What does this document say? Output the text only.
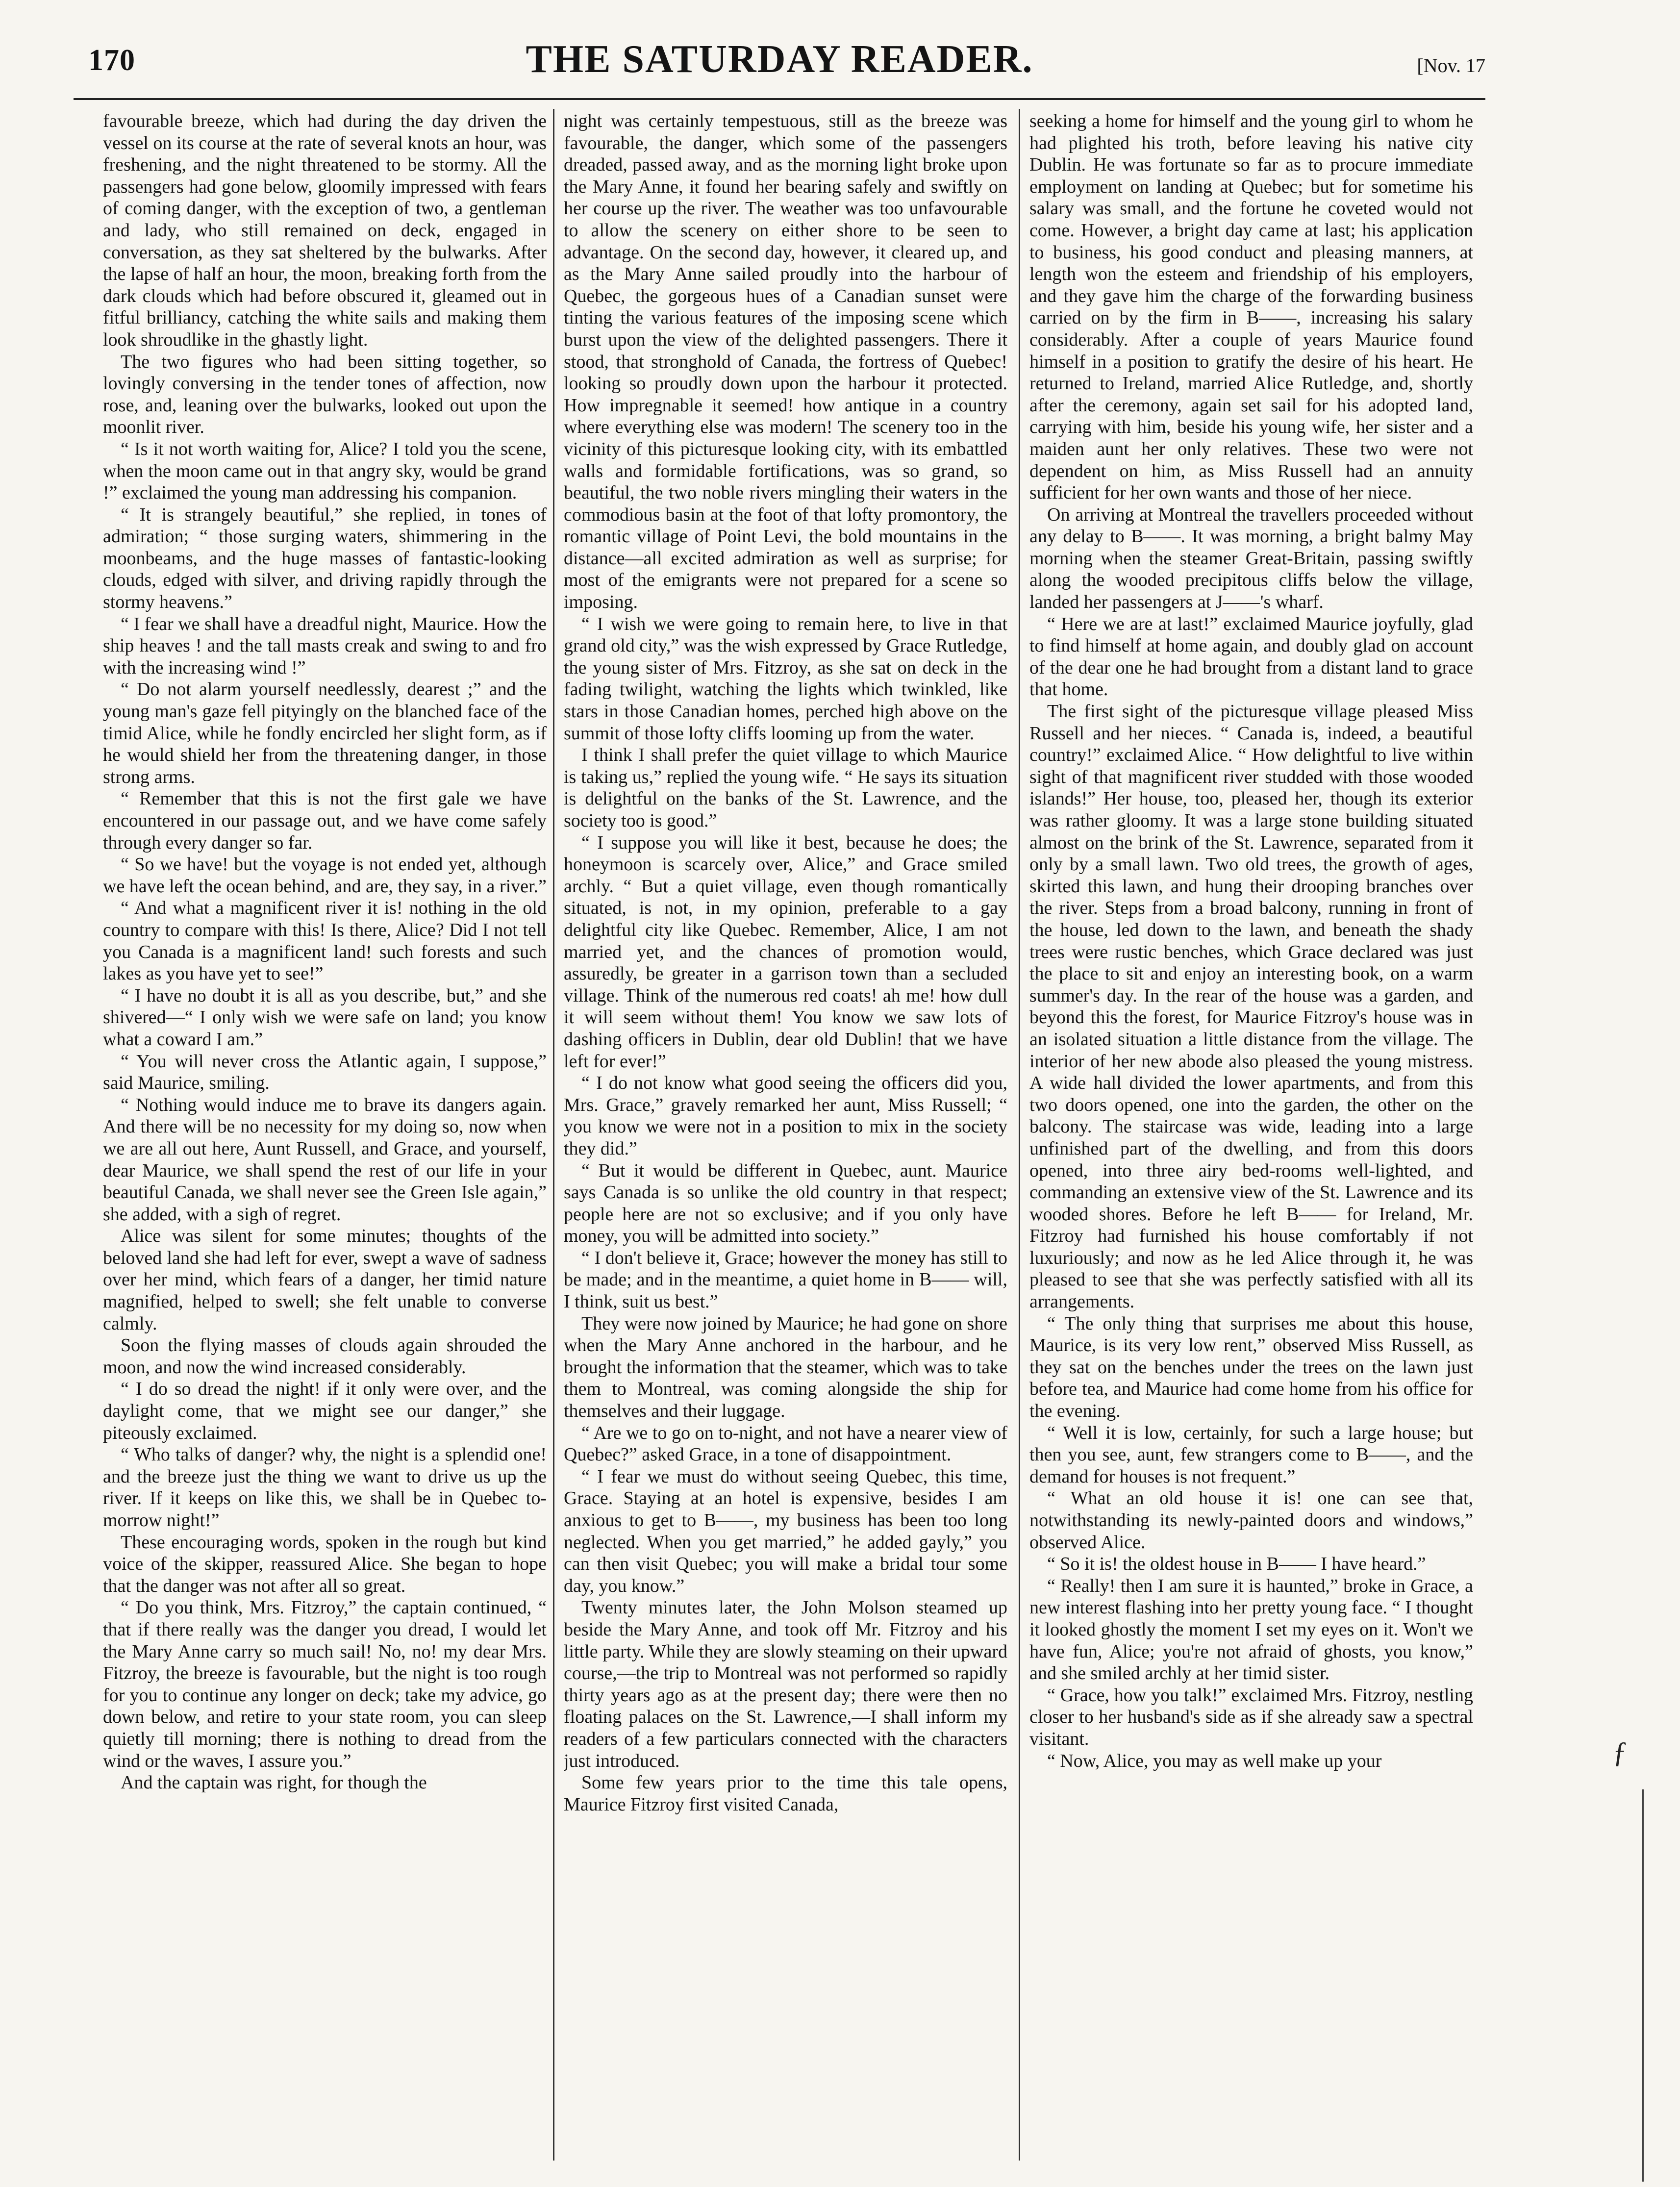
170	THE SATURDAY READER.	[Nov. 17

favourable breeze, which had during the day driven the vessel on its course at the rate of several knots an hour, was freshening, and the night threatened to be stormy. All the passengers had gone below, gloomily impressed with fears of coming danger, with the exception of two, a gentleman and lady, who still remained on deck, engaged in conversation, as they sat sheltered by the bulwarks. After the lapse of half an hour, the moon, breaking forth from the dark clouds which had before obscured it, gleamed out in fitful brilliancy, catching the white sails and making them look shroudlike in the ghastly light.

The two figures who had been sitting together, so lovingly conversing in the tender tones of affection, now rose, and, leaning over the bulwarks, looked out upon the moonlit river.

“ Is it not worth waiting for, Alice? I told you the scene, when the moon came out in that angry sky, would be grand !” exclaimed the young man addressing his companion.

“ It is strangely beautiful,” she replied, in tones of admiration; “ those surging waters, shimmering in the moonbeams, and the huge masses of fantastic-looking clouds, edged with silver, and driving rapidly through the stormy heavens.”

“ I fear we shall have a dreadful night, Maurice. How the ship heaves ! and the tall masts creak and swing to and fro with the increasing wind !”

“ Do not alarm yourself needlessly, dearest ;” and the young man's gaze fell pityingly on the blanched face of the timid Alice, while he fondly encircled her slight form, as if he would shield her from the threatening danger, in those strong arms.

“ Remember that this is not the first gale we have encountered in our passage out, and we have come safely through every danger so far.

“ So we have! but the voyage is not ended yet, although we have left the ocean behind, and are, they say, in a river.”

“ And what a magnificent river it is! nothing in the old country to compare with this! Is there, Alice? Did I not tell you Canada is a magnificent land! such forests and such lakes as you have yet to see!”

“ I have no doubt it is all as you describe, but,” and she shivered—“ I only wish we were safe on land; you know what a coward I am.”

“ You will never cross the Atlantic again, I suppose,” said Maurice, smiling.

“ Nothing would induce me to brave its dangers again. And there will be no necessity for my doing so, now when we are all out here, Aunt Russell, and Grace, and yourself, dear Maurice, we shall spend the rest of our life in your beautiful Canada, we shall never see the Green Isle again,” she added, with a sigh of regret.

Alice was silent for some minutes; thoughts of the beloved land she had left for ever, swept a wave of sadness over her mind, which fears of a danger, her timid nature magnified, helped to swell; she felt unable to converse calmly.

Soon the flying masses of clouds again shrouded the moon, and now the wind increased considerably.

“ I do so dread the night! if it only were over, and the daylight come, that we might see our danger,” she piteously exclaimed.

“ Who talks of danger? why, the night is a splendid one! and the breeze just the thing we want to drive us up the river. If it keeps on like this, we shall be in Quebec to-morrow night!”

These encouraging words, spoken in the rough but kind voice of the skipper, reassured Alice. She began to hope that the danger was not after all so great.

“ Do you think, Mrs. Fitzroy,” the captain continued, “ that if there really was the danger you dread, I would let the Mary Anne carry so much sail! No, no! my dear Mrs. Fitzroy, the breeze is favourable, but the night is too rough for you to continue any longer on deck; take my advice, go down below, and retire to your state room, you can sleep quietly till morning; there is nothing to dread from the wind or the waves, I assure you.”

And the captain was right, for though the

night was certainly tempestuous, still as the breeze was favourable, the danger, which some of the passengers dreaded, passed away, and as the morning light broke upon the Mary Anne, it found her bearing safely and swiftly on her course up the river. The weather was too unfavourable to allow the scenery on either shore to be seen to advantage. On the second day, however, it cleared up, and as the Mary Anne sailed proudly into the harbour of Quebec, the gorgeous hues of a Canadian sunset were tinting the various features of the imposing scene which burst upon the view of the delighted passengers. There it stood, that stronghold of Canada, the fortress of Quebec! looking so proudly down upon the harbour it protected. How impregnable it seemed! how antique in a country where everything else was modern! The scenery too in the vicinity of this picturesque looking city, with its embattled walls and formidable fortifications, was so grand, so beautiful, the two noble rivers mingling their waters in the commodious basin at the foot of that lofty promontory, the romantic village of Point Levi, the bold mountains in the distance—all excited admiration as well as surprise; for most of the emigrants were not prepared for a scene so imposing.

“ I wish we were going to remain here, to live in that grand old city,” was the wish expressed by Grace Rutledge, the young sister of Mrs. Fitzroy, as she sat on deck in the fading twilight, watching the lights which twinkled, like stars in those Canadian homes, perched high above on the summit of those lofty cliffs looming up from the water.

I think I shall prefer the quiet village to which Maurice is taking us,” replied the young wife. “ He says its situation is delightful on the banks of the St. Lawrence, and the society too is good.”

“ I suppose you will like it best, because he does; the honeymoon is scarcely over, Alice,” and Grace smiled archly. “ But a quiet village, even though romantically situated, is not, in my opinion, preferable to a gay delightful city like Quebec. Remember, Alice, I am not married yet, and the chances of promotion would, assuredly, be greater in a garrison town than a secluded village. Think of the numerous red coats! ah me! how dull it will seem without them! You know we saw lots of dashing officers in Dublin, dear old Dublin! that we have left for ever!”

“ I do not know what good seeing the officers did you, Mrs. Grace,” gravely remarked her aunt, Miss Russell; “ you know we were not in a position to mix in the society they did.”

“ But it would be different in Quebec, aunt. Maurice says Canada is so unlike the old country in that respect; people here are not so exclusive; and if you only have money, you will be admitted into society.”

“ I don't believe it, Grace; however the money has still to be made; and in the meantime, a quiet home in B—— will, I think, suit us best.”

They were now joined by Maurice; he had gone on shore when the Mary Anne anchored in the harbour, and he brought the information that the steamer, which was to take them to Montreal, was coming alongside the ship for themselves and their luggage.

“ Are we to go on to-night, and not have a nearer view of Quebec?” asked Grace, in a tone of disappointment.

“ I fear we must do without seeing Quebec, this time, Grace. Staying at an hotel is expensive, besides I am anxious to get to B——, my business has been too long neglected. When you get married,” he added gayly,” you can then visit Quebec; you will make a bridal tour some day, you know.”

Twenty minutes later, the John Molson steamed up beside the Mary Anne, and took off Mr. Fitzroy and his little party. While they are slowly steaming on their upward course,—the trip to Montreal was not performed so rapidly thirty years ago as at the present day; there were then no floating palaces on the St. Lawrence,—I shall inform my readers of a few particulars connected with the characters just introduced.

Some few years prior to the time this tale opens, Maurice Fitzroy first visited Canada,

seeking a home for himself and the young girl to whom he had plighted his troth, before leaving his native city Dublin. He was fortunate so far as to procure immediate employment on landing at Quebec; but for sometime his salary was small, and the fortune he coveted would not come. However, a bright day came at last; his application to business, his good conduct and pleasing manners, at length won the esteem and friendship of his employers, and they gave him the charge of the forwarding business carried on by the firm in B——, increasing his salary considerably. After a couple of years Maurice found himself in a position to gratify the desire of his heart. He returned to Ireland, married Alice Rutledge, and, shortly after the ceremony, again set sail for his adopted land, carrying with him, beside his young wife, her sister and a maiden aunt her only relatives. These two were not dependent on him, as Miss Russell had an annuity sufficient for her own wants and those of her niece.

On arriving at Montreal the travellers proceeded without any delay to B——. It was morning, a bright balmy May morning when the steamer Great-Britain, passing swiftly along the wooded precipitous cliffs below the village, landed her passengers at J——'s wharf.

“ Here we are at last!” exclaimed Maurice joyfully, glad to find himself at home again, and doubly glad on account of the dear one he had brought from a distant land to grace that home.

The first sight of the picturesque village pleased Miss Russell and her nieces. “ Canada is, indeed, a beautiful country!” exclaimed Alice. “ How delightful to live within sight of that magnificent river studded with those wooded islands!” Her house, too, pleased her, though its exterior was rather gloomy. It was a large stone building situated almost on the brink of the St. Lawrence, separated from it only by a small lawn. Two old trees, the growth of ages, skirted this lawn, and hung their drooping branches over the river. Steps from a broad balcony, running in front of the house, led down to the lawn, and beneath the shady trees were rustic benches, which Grace declared was just the place to sit and enjoy an interesting book, on a warm summer's day. In the rear of the house was a garden, and beyond this the forest, for Maurice Fitzroy's house was in an isolated situation a little distance from the village. The interior of her new abode also pleased the young mistress. A wide hall divided the lower apartments, and from this two doors opened, one into the garden, the other on the balcony. The staircase was wide, leading into a large unfinished part of the dwelling, and from this doors opened, into three airy bed-rooms well-lighted, and commanding an extensive view of the St. Lawrence and its wooded shores. Before he left B—— for Ireland, Mr. Fitzroy had furnished his house comfortably if not luxuriously; and now as he led Alice through it, he was pleased to see that she was perfectly satisfied with all its arrangements.

“ The only thing that surprises me about this house, Maurice, is its very low rent,” observed Miss Russell, as they sat on the benches under the trees on the lawn just before tea, and Maurice had come home from his office for the evening.

“ Well it is low, certainly, for such a large house; but then you see, aunt, few strangers come to B——, and the demand for houses is not frequent.”

“ What an old house it is! one can see that, notwithstanding its newly-painted doors and windows,” observed Alice.

“ So it is! the oldest house in B—— I have heard.”

“ Really! then I am sure it is haunted,” broke in Grace, a new interest flashing into her pretty young face. “ I thought it looked ghostly the moment I set my eyes on it. Won't we have fun, Alice; you're not afraid of ghosts, you know,” and she smiled archly at her timid sister.

“ Grace, how you talk!” exclaimed Mrs. Fitzroy, nestling closer to her husband's side as if she already saw a spectral visitant.

“ Now, Alice, you may as well make up your	ƒ
